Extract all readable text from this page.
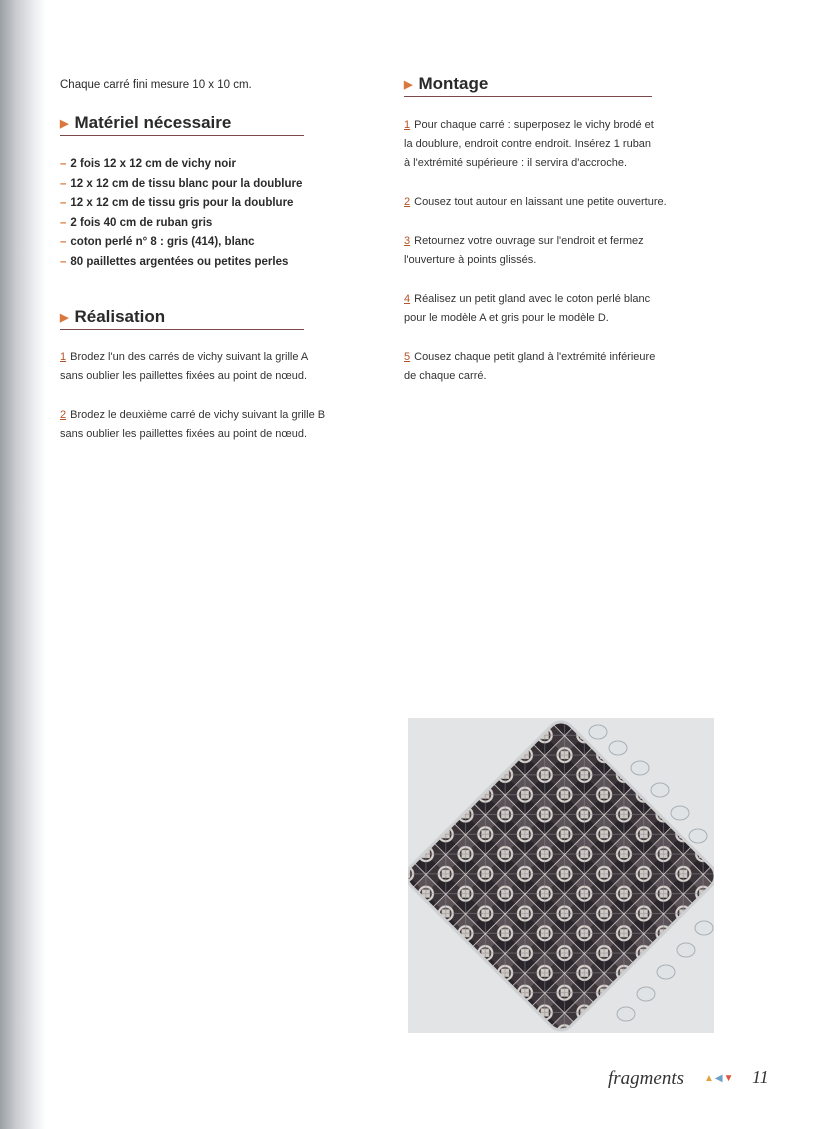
Chaque carré fini mesure 10 x 10 cm.
▶ Matériel nécessaire
– 2 fois 12 x 12 cm de vichy noir
– 12 x 12 cm de tissu blanc pour la doublure
– 12 x 12 cm de tissu gris pour la doublure
– 2 fois 40 cm de ruban gris
– coton perlé n° 8 : gris (414), blanc
– 80 paillettes argentées ou petites perles
▶ Réalisation
1 Brodez l'un des carrés de vichy suivant la grille A
sans oublier les paillettes fixées au point de nœud.
2 Brodez le deuxième carré de vichy suivant la grille B
sans oublier les paillettes fixées au point de nœud.
▶ Montage
1 Pour chaque carré : superposez le vichy brodé et
la doublure, endroit contre endroit. Insérez 1 ruban
à l'extrémité supérieure : il servira d'accroche.
2 Cousez tout autour en laissant une petite ouverture.
3 Retournez votre ouvrage sur l'endroit et fermez
l'ouverture à points glissés.
4 Réalisez un petit gland avec le coton perlé blanc
pour le modèle A et gris pour le modèle D.
5 Cousez chaque petit gland à l'extrémité inférieure
de chaque carré.
fragments ▲◀▼ 11
